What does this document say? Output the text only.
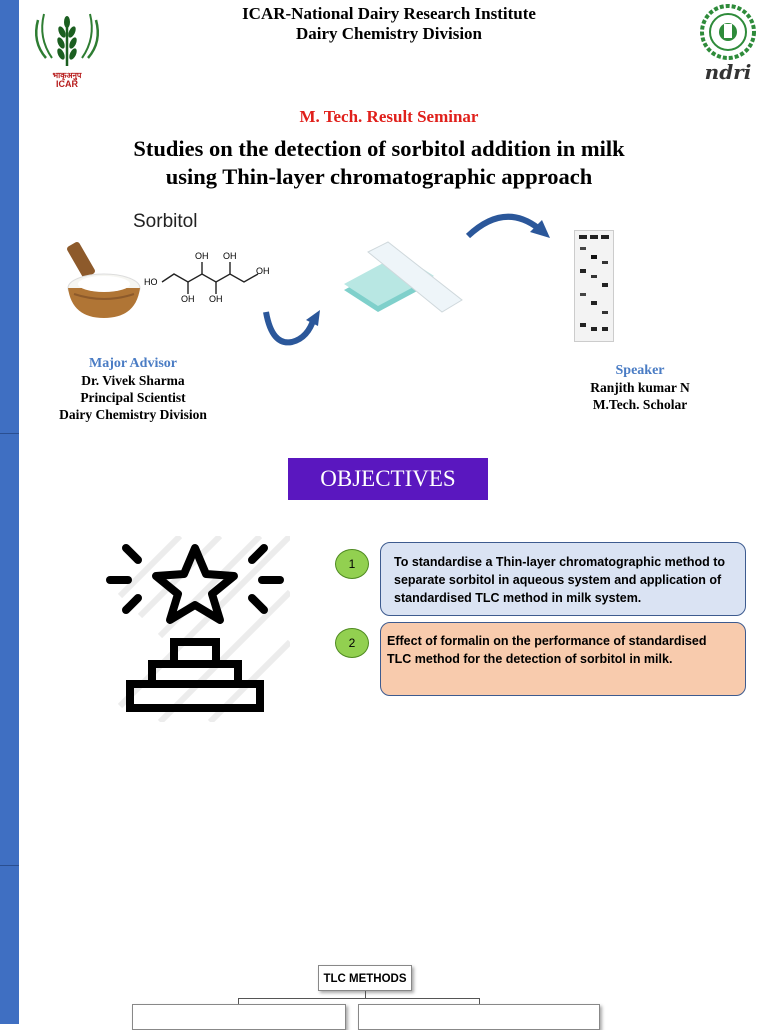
भाकृअनुप
ICAR
ICAR-National Dairy Research Institute
Dairy Chemistry Division
ndri
M. Tech. Result Seminar
Studies on the detection of sorbitol addition in milk
using Thin-layer chromatographic approach
Sorbitol
HO
OH OH
OH OH
OH
Major Advisor
Dr. Vivek Sharma
Principal Scientist
Dairy Chemistry Division
Speaker
Ranjith kumar N
M.Tech. Scholar
OBJECTIVES
1	To standardise a Thin-layer chromatographic method to separate sorbitol in aqueous system and application of standardised TLC method in milk system.
2	Effect of formalin on the performance of standardised TLC method for the detection of sorbitol in milk.
TLC METHODS
